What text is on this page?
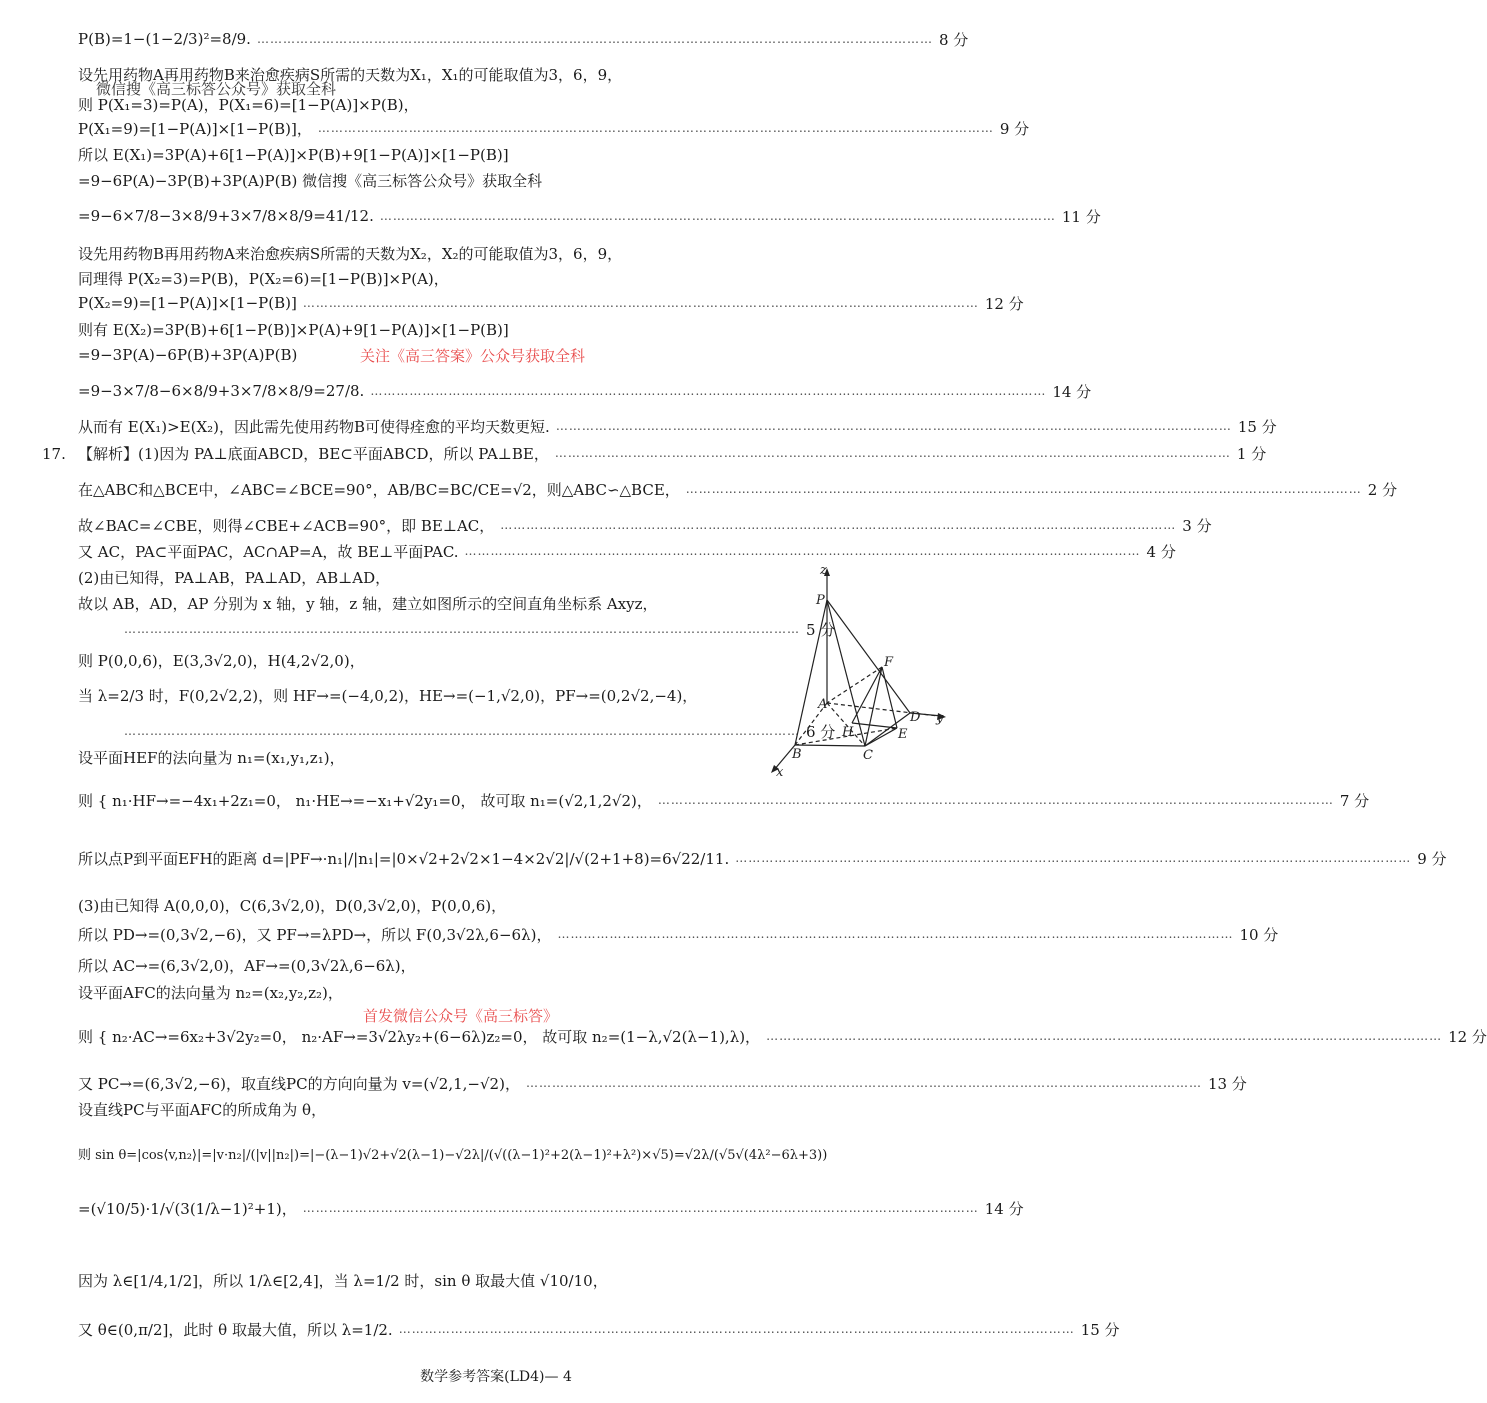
P(B)=1−(1−2/3)²=8/9. ………………………………………………………………………………………………………………………………………… 8 分
设先用药物A再用药物B来治愈疾病S所需的天数为X₁，X₁的可能取值为3，6，9，
微信搜《高三标答公众号》获取全科
则 P(X₁=3)=P(A)，P(X₁=6)=[1−P(A)]×P(B)，
P(X₁=9)=[1−P(A)]×[1−P(B)]， ………………………………………………………………………………………………………………………………………… 9 分
所以 E(X₁)=3P(A)+6[1−P(A)]×P(B)+9[1−P(A)]×[1−P(B)]
=9−6P(A)−3P(B)+3P(A)P(B) 微信搜《高三标答公众号》获取全科
=9−6×7/8−3×8/9+3×7/8×8/9=41/12. ………………………………………………………………………………………………………………………………………… 11 分
设先用药物B再用药物A来治愈疾病S所需的天数为X₂，X₂的可能取值为3，6，9，
同理得 P(X₂=3)=P(B)，P(X₂=6)=[1−P(B)]×P(A)，
P(X₂=9)=[1−P(A)]×[1−P(B)] ………………………………………………………………………………………………………………………………………… 12 分
则有 E(X₂)=3P(B)+6[1−P(B)]×P(A)+9[1−P(A)]×[1−P(B)]
=9−3P(A)−6P(B)+3P(A)P(B)	关注《高三答案》公众号获取全科
=9−3×7/8−6×8/9+3×7/8×8/9=27/8. ………………………………………………………………………………………………………………………………………… 14 分
从而有 E(X₁)>E(X₂)，因此需先使用药物B可使得痊愈的平均天数更短. ………………………………………………………………………………………………………………………………………… 15 分
17. 【解析】(1)因为 PA⊥底面ABCD，BE⊂平面ABCD，所以 PA⊥BE， ………………………………………………………………………………………………………………………………………… 1 分
在△ABC和△BCE中，∠ABC=∠BCE=90°，AB/BC=BC/CE=√2，则△ABC∽△BCE， ………………………………………………………………………………………………………………………………………… 2 分
故∠BAC=∠CBE，则得∠CBE+∠ACB=90°，即 BE⊥AC， ………………………………………………………………………………………………………………………………………… 3 分
又 AC，PA⊂平面PAC，AC∩AP=A，故 BE⊥平面PAC. ………………………………………………………………………………………………………………………………………… 4 分
(2)由已知得，PA⊥AB，PA⊥AD，AB⊥AD，
故以 AB，AD，AP 分别为 x 轴，y 轴，z 轴，建立如图所示的空间直角坐标系 Axyz，
………………………………………………………………………………………………………………………………………… 5 分
则 P(0,0,6)，E(3,3√2,0)，H(4,2√2,0)，
当 λ=2/3 时，F(0,2√2,2)，则 HF→=(−4,0,2)，HE→=(−1,√2,0)，PF→=(0,2√2,−4)，
………………………………………………………………………………………………………………………………………… 6 分
设平面HEF的法向量为 n₁=(x₁,y₁,z₁)，
则 { n₁·HF→=−4x₁+2z₁=0， n₁·HE→=−x₁+√2y₁=0， 故可取 n₁=(√2,1,2√2)， ………………………………………………………………………………………………………………………………………… 7 分
所以点P到平面EFH的距离 d=|PF→·n₁|/|n₁|=|0×√2+2√2×1−4×2√2|/√(2+1+8)=6√22/11. ………………………………………………………………………………………………………………………………………… 9 分
(3)由已知得 A(0,0,0)，C(6,3√2,0)，D(0,3√2,0)，P(0,0,6)，
所以 PD→=(0,3√2,−6)，又 PF→=λPD→，所以 F(0,3√2λ,6−6λ)， ………………………………………………………………………………………………………………………………………… 10 分
所以 AC→=(6,3√2,0)，AF→=(0,3√2λ,6−6λ)，
设平面AFC的法向量为 n₂=(x₂,y₂,z₂)，
首发微信公众号《高三标答》
则 { n₂·AC→=6x₂+3√2y₂=0， n₂·AF→=3√2λy₂+(6−6λ)z₂=0， 故可取 n₂=(1−λ,√2(λ−1),λ)， ………………………………………………………………………………………………………………………………………… 12 分
又 PC→=(6,3√2,−6)，取直线PC的方向向量为 v=(√2,1,−√2)， ………………………………………………………………………………………………………………………………………… 13 分
设直线PC与平面AFC的所成角为 θ，
则 sin θ=|cos⟨v,n₂⟩|=|v·n₂|/(|v||n₂|)=|−(λ−1)√2+√2(λ−1)−√2λ|/(√((λ−1)²+2(λ−1)²+λ²)×√5)=√2λ/(√5√(4λ²−6λ+3))
=(√10/5)·1/√(3(1/λ−1)²+1)， ………………………………………………………………………………………………………………………………………… 14 分
因为 λ∈[1/4,1/2]，所以 1/λ∈[2,4]，当 λ=1/2 时，sin θ 取最大值 √10/10，
又 θ∈(0,π/2]，此时 θ 取最大值，所以 λ=1/2. ………………………………………………………………………………………………………………………………………… 15 分
z
P
F
A
D y
H	E
B	C
x
数学参考答案(LD4)— 4
